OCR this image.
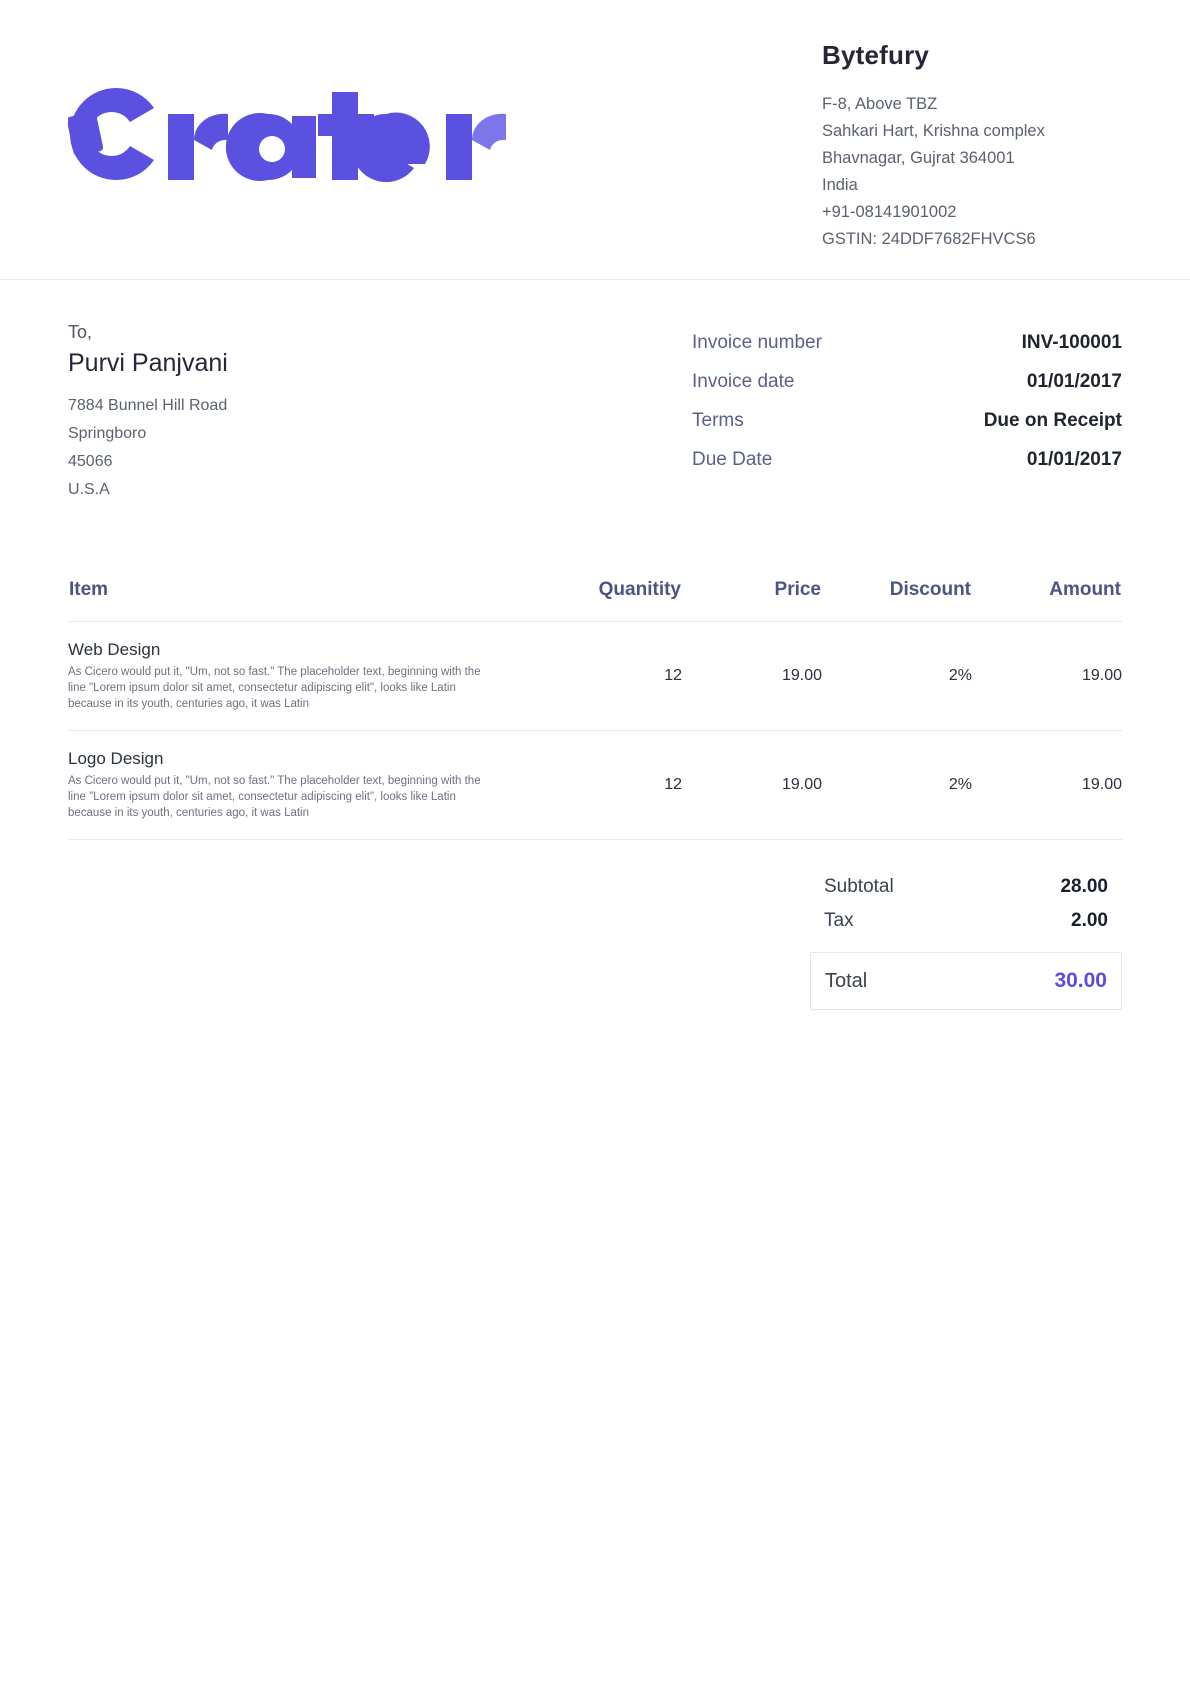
Bytefury
F-8, Above TBZ
Sahkari Hart, Krishna complex
Bhavnagar, Gujrat 364001
India
+91-08141901002
GSTIN: 24DDF7682FHVCS6
To,
Purvi Panjvani
7884 Bunnel Hill Road
Springboro
45066
U.S.A
Invoice number	INV-100001
Invoice date	01/01/2017
Terms	Due on Receipt
Due Date	01/01/2017
Item	Quanitity	Price	Discount	Amount

Web Design
As Cicero would put it, "Um, not so fast." The placeholder text, beginning with the line "Lorem ipsum dolor sit amet, consectetur adipiscing elit", looks like Latin because in its youth, centuries ago, it was Latin	12	19.00	2%	19.00

Logo Design
As Cicero would put it, "Um, not so fast." The placeholder text, beginning with the line "Lorem ipsum dolor sit amet, consectetur adipiscing elit", looks like Latin because in its youth, centuries ago, it was Latin	12	19.00	2%	19.00
Subtotal	28.00
Tax	2.00
Total	30.00
